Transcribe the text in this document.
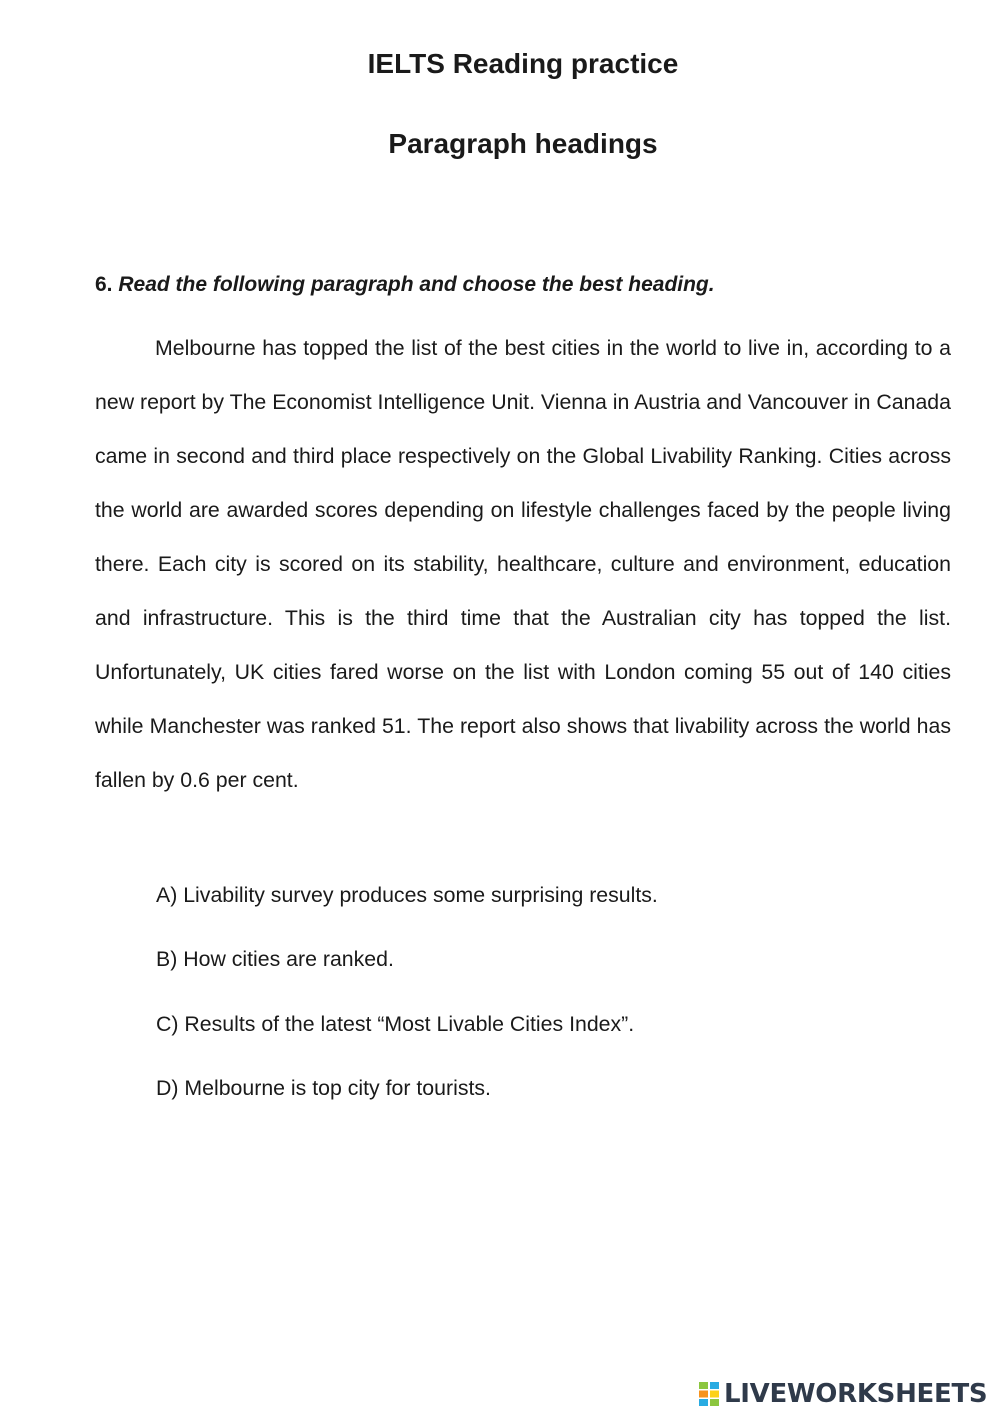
IELTS Reading practice
Paragraph headings

6. Read the following paragraph and choose the best heading.

Melbourne has topped the list of the best cities in the world to live in, according to a new report by The Economist Intelligence Unit. Vienna in Austria and Vancouver in Canada came in second and third place respectively on the Global Livability Ranking. Cities across the world are awarded scores depending on lifestyle challenges faced by the people living there. Each city is scored on its stability, healthcare, culture and environment, education and infrastructure. This is the third time that the Australian city has topped the list. Unfortunately, UK cities fared worse on the list with London coming 55 out of 140 cities while Manchester was ranked 51. The report also shows that livability across the world has fallen by 0.6 per cent.

A) Livability survey produces some surprising results.
B) How cities are ranked.
C) Results of the latest “Most Livable Cities Index”.
D) Melbourne is top city for tourists.
LIVEWORKSHEETS
